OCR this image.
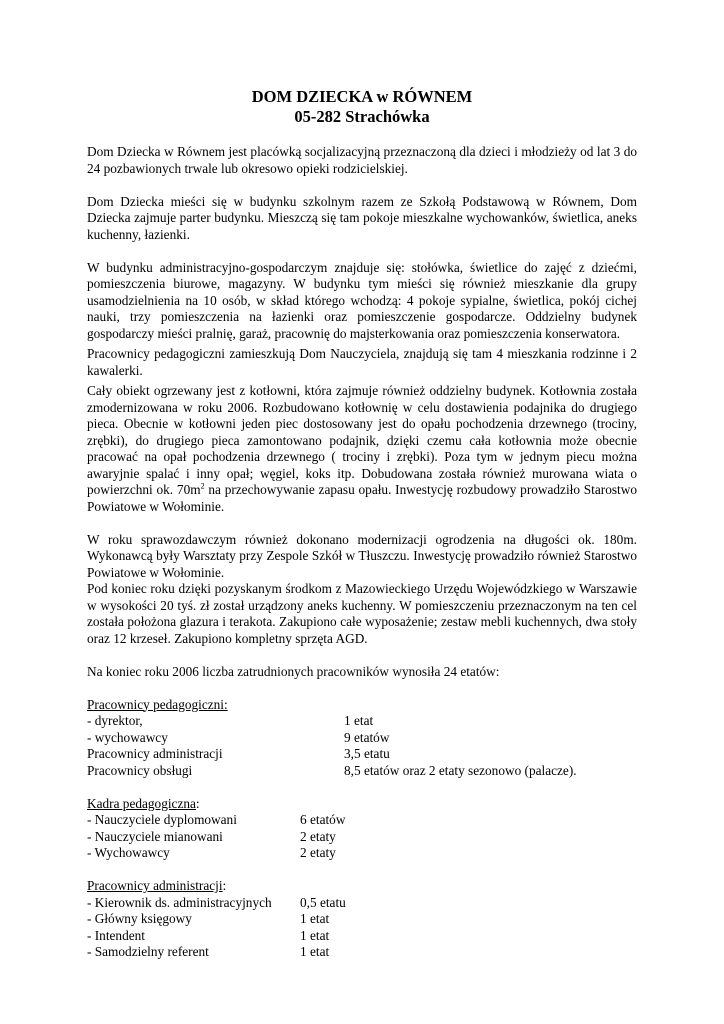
DOM DZIECKA w RÓWNEM

05-282 Strachówka

Dom Dziecka w Równem jest placówką socjalizacyjną przeznaczoną dla dzieci i młodzieży od lat 3 do 24 pozbawionych trwale lub okresowo opieki rodzicielskiej.

Dom Dziecka mieści się w budynku szkolnym razem ze Szkołą Podstawową w Równem, Dom Dziecka zajmuje parter budynku. Mieszczą się tam pokoje mieszkalne wychowanków, świetlica, aneks kuchenny, łazienki.

W budynku administracyjno-gospodarczym znajduje się: stołówka, świetlice do zajęć z dziećmi, pomieszczenia biurowe, magazyny. W budynku tym mieści się również mieszkanie dla grupy usamodzielnienia na 10 osób, w skład którego wchodzą: 4 pokoje sypialne, świetlica, pokój cichej nauki, trzy pomieszczenia na łazienki oraz pomieszczenie gospodarcze. Oddzielny budynek gospodarczy mieści pralnię, garaż, pracownię do majsterkowania oraz pomieszczenia konserwatora.

Pracownicy pedagogiczni zamieszkują Dom Nauczyciela, znajdują się tam 4 mieszkania rodzinne i 2 kawalerki.

Cały obiekt ogrzewany jest z kotłowni, która zajmuje również oddzielny budynek. Kotłownia została zmodernizowana w roku 2006. Rozbudowano kotłownię w celu dostawienia podajnika do drugiego pieca. Obecnie w kotłowni jeden piec dostosowany jest do opału pochodzenia drzewnego (trociny, zrębki), do drugiego pieca zamontowano podajnik, dzięki czemu cała kotłownia może obecnie pracować na opał pochodzenia drzewnego ( trociny i zrębki). Poza tym w jednym piecu można awaryjnie spalać i inny opał; węgiel, koks itp. Dobudowana została również murowana wiata o powierzchni ok. $70m^2$ na przechowywanie zapasu opału. Inwestycję rozbudowy prowadziło Starostwo Powiatowe w Wołominie.

W roku sprawozdawczym również dokonano modernizacji ogrodzenia na długości ok. 180m. Wykonawcą były Warsztaty przy Zespole Szkół w Tłuszczu. Inwestycję prowadziło również Starostwo Powiatowe w Wołominie.

Pod koniec roku dzięki pozyskanym środkom z Mazowieckiego Urzędu Wojewódzkiego w Warszawie w wysokości 20 tyś. zł został urządzony aneks kuchenny. W pomieszczeniu przeznaczonym na ten cel została położona glazura i terakota. Zakupiono całe wyposażenie; zestaw mebli kuchennych, dwa stoły oraz 12 krzeseł. Zakupiono kompletny sprzęta AGD.

Na koniec roku 2006 liczba zatrudnionych pracowników wynosiła 24 etatów:

Pracownicy pedagogiczni:

- dyrektor,	1 etat
- wychowawcy	9 etatów
Pracownicy administracji	3,5 etatu
Pracownicy obsługi	8,5 etatów oraz 2 etaty sezonowo (palacze).

Kadra pedagogiczna:

- Nauczyciele dyplomowani	6 etatów
- Nauczyciele mianowani	2 etaty
- Wychowawcy	2 etaty

Pracownicy administracji:

- Kierownik ds. administracyjnych 0,5 etatu
- Główny księgowy	1 etat
- Intendent	1 etat
- Samodzielny referent	1 etat
